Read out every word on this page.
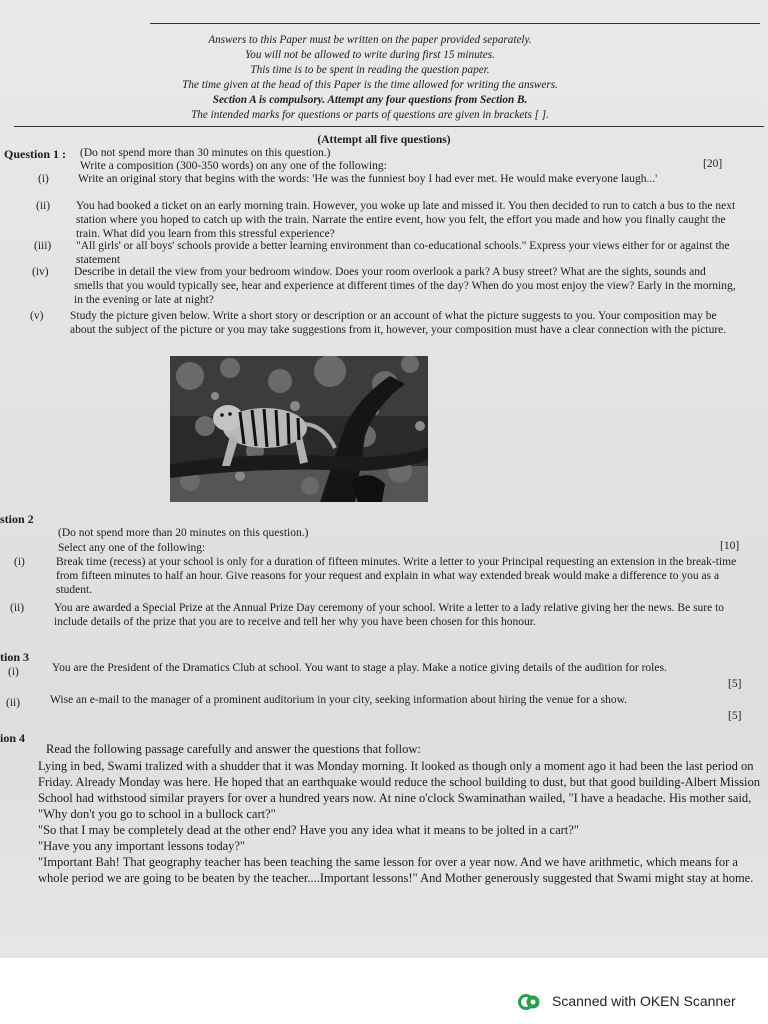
Answers to this Paper must be written on the paper provided separately.
You will not be allowed to write during first 15 minutes.
This time is to be spent in reading the question paper.
The time given at the head of this Paper is the time allowed for writing the answers.
Section A is compulsory. Attempt any four questions from Section B.
The intended marks for questions or parts of questions are given in brackets [ ].
(Attempt all five questions)
Question 1 : (Do not spend more than 30 minutes on this question.)
Write a composition (300-350 words) on any one of the following:	[20]
(i)	Write an original story that begins with the words: 'He was the funniest boy I had ever met. He would make everyone laugh...'
(ii) You had booked a ticket on an early morning train. However, you woke up late and missed it. You then decided to run to catch a bus to the next station where you hoped to catch up with the train. Narrate the entire event, how you felt, the effort you made and how you finally caught the train. What did you learn from this stressful experience?
(iii) "All girls' or all boys' schools provide a better learning environment than co-educational schools." Express your views either for or against the statement
(iv) Describe in detail the view from your bedroom window. Does your room overlook a park? A busy street? What are the sights, sounds and smells that you would typically see, hear and experience at different times of the day? When do you most enjoy the view? Early in the morning, in the evening or late at night?
(v) Study the picture given below. Write a short story or description or an account of what the picture suggests to you. Your composition may be about the subject of the picture or you may take suggestions from it, however, your composition must have a clear connection with the picture.
stion 2
(Do not spend more than 20 minutes on this question.)
Select any one of the following:	[10]
(i)	Break time (recess) at your school is only for a duration of fifteen minutes. Write a letter to your Principal requesting an extension in the break-time from fifteen minutes to half an hour. Give reasons for your request and explain in what way extended break would make a difference to you as a student.
(ii)	You are awarded a Special Prize at the Annual Prize Day ceremony of your school. Write a letter to a lady relative giving her the news. Be sure to include details of the prize that you are to receive and tell her why you have been chosen for this honour.
tion 3
(i)	You are the President of the Dramatics Club at school. You want to stage a play. Make a notice giving details of the audition for roles.
[5]
(ii)	Wise an e-mail to the manager of a prominent auditorium in your city, seeking information about hiring the venue for a show.
[5]
ion 4
Read the following passage carefully and answer the questions that follow:
Lying in bed, Swami tralized with a shudder that it was Monday morning. It looked as though only a moment ago it had been the last period on Friday. Already Monday was here. He hoped that an earthquake would reduce the school building to dust, but that good building-Albert Mission School had withstood similar prayers for over a hundred years now. At nine o'clock Swaminathan wailed, "I have a headache. His mother said, "Why don't you go to school in a bullock cart?"
"So that I may be completely dead at the other end? Have you any idea what it means to be jolted in a cart?"
"Have you any important lessons today?"
"Important Bah! That geography teacher has been teaching the same lesson for over a year now. And we have arithmetic, which means for a whole period we are going to be beaten by the teacher....Important lessons!" And Mother generously suggested that Swami might stay at home.
Scanned with OKEN Scanner
